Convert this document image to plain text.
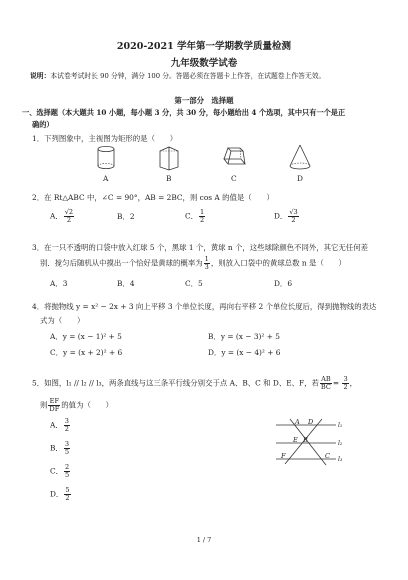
2020-2021 学年第一学期教学质量检测
九年级数学试卷
说明：本试卷考试时长 90 分钟，满分 100 分。答题必须在答题卡上作答，在试题卷上作答无效。
第一部分　选择题
一、选择题（本大题共 10 小题，每小题 3 分，共 30 分，每小题给出 4 个选项，其中只有一个是正
确的）
1．下列图象中，主视图为矩形的是（　　）
A	B	C	D
2．在 Rt△ABC 中，∠C = 90°，AB = 2BC，则 cos A 的值是（　　）
A． $\frac{√2}{2}$	B．2	C． $\frac{1}{2}$	D． $\frac{√3}{2}$
3．在一只不透明的口袋中放入红球 5 个，黑球 1 个，黄球 n 个，这些球除颜色不同外，其它无任何差
别．搅匀后随机从中摸出一个恰好是黄球的概率为 $\frac{1}{3}$ ，则放入口袋中的黄球总数 n 是（　　）
A．3	B．4	C．5	D．6
4．将抛物线 y = x² − 2x + 3 向上平移 3 个单位长度，再向右平移 2 个单位长度后，得到抛物线的表达
式为（　　）
A．y = (x − 1)² + 5	B．y = (x − 3)² + 5
C．y = (x + 2)² + 6	D．y = (x − 4)² + 6
5．如图，l₁ // l₂ // l₃，两条直线与这三条平行线分别交于点 A、B、C 和 D、E、F，若 $\frac{AB}{BC} = \frac{3}{2}$ ，
则 $\frac{EF}{DF}$ 的值为（　　）
A． $\frac{3}{2}$
B． $\frac{3}{5}$
C． $\frac{2}{5}$
D． $\frac{5}{2}$
A
B
C
D
E
F
l₁
l₂
l₃
1 / 7
